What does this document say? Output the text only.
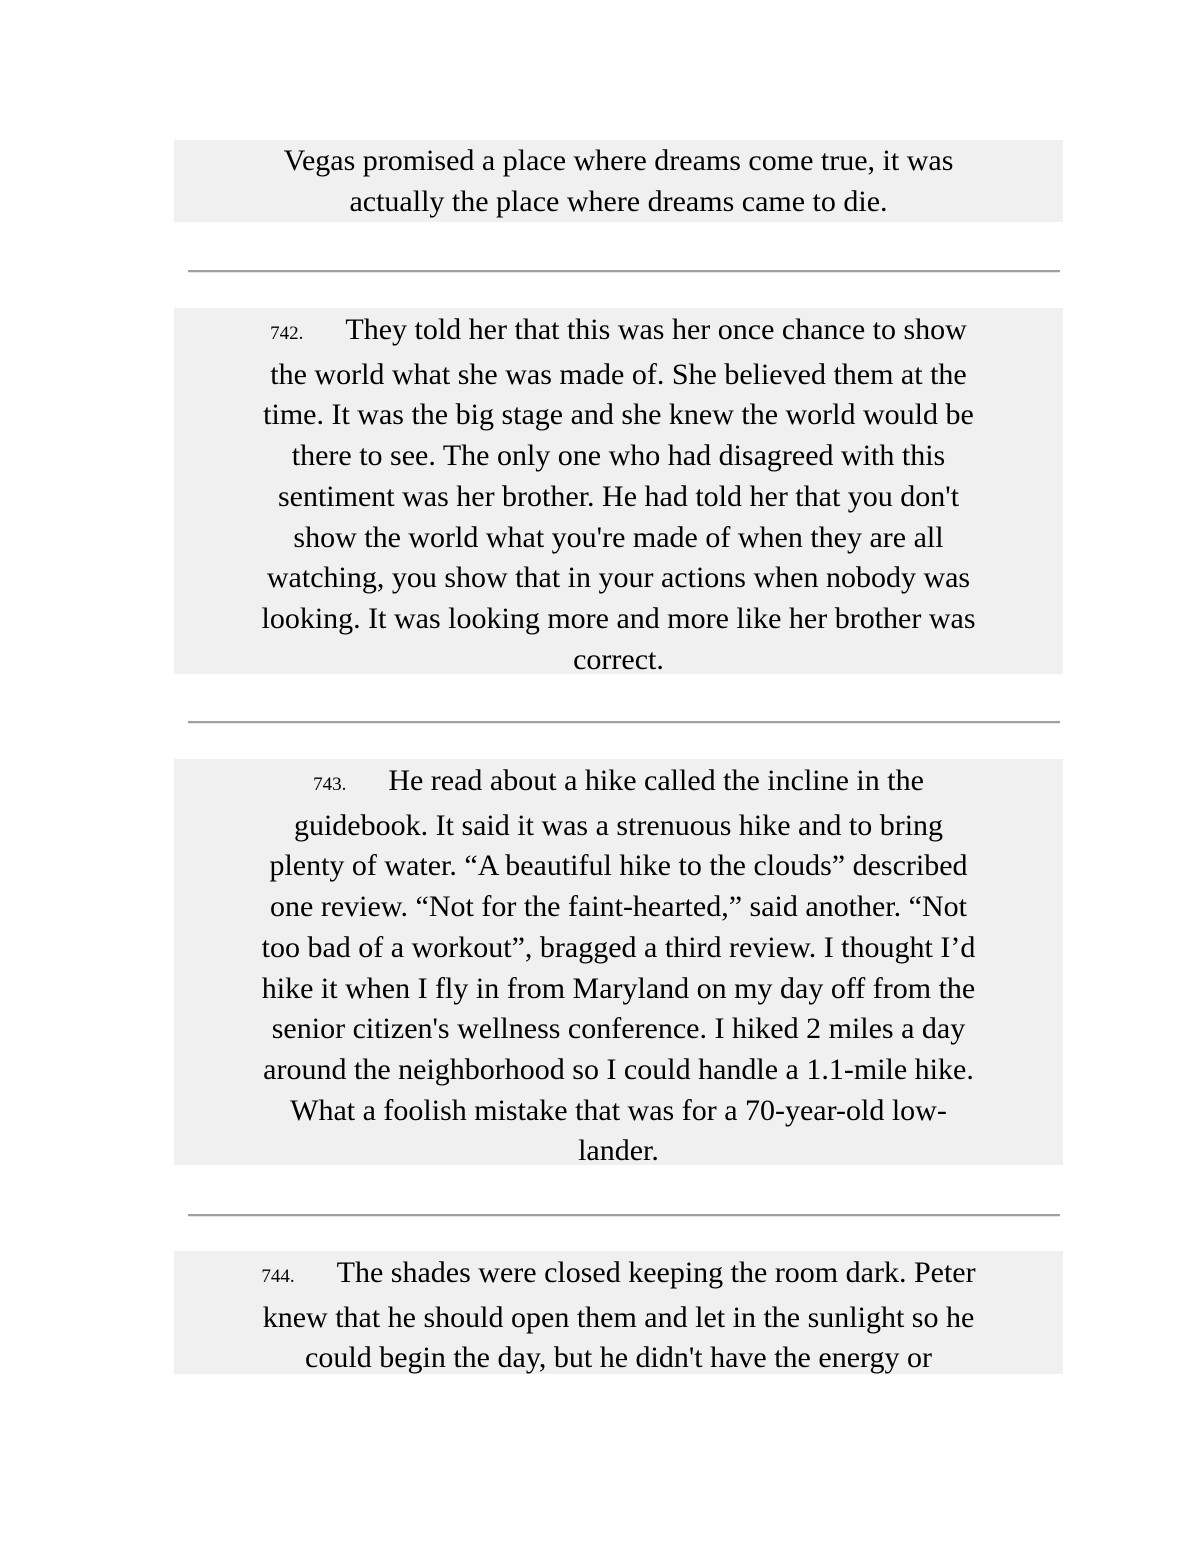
Vegas promised a place where dreams come true, it was
actually the place where dreams came to die.
742. They told her that this was her once chance to show
the world what she was made of. She believed them at the
time. It was the big stage and she knew the world would be
there to see. The only one who had disagreed with this
sentiment was her brother. He had told her that you don't
show the world what you're made of when they are all
watching, you show that in your actions when nobody was
looking. It was looking more and more like her brother was
correct.
743. He read about a hike called the incline in the
guidebook. It said it was a strenuous hike and to bring
plenty of water. “A beautiful hike to the clouds” described
one review. “Not for the faint-hearted,” said another. “Not
too bad of a workout”, bragged a third review. I thought I’d
hike it when I fly in from Maryland on my day off from the
senior citizen's wellness conference. I hiked 2 miles a day
around the neighborhood so I could handle a 1.1-mile hike.
What a foolish mistake that was for a 70-year-old low-
lander.
744. The shades were closed keeping the room dark. Peter
knew that he should open them and let in the sunlight so he
could begin the day, but he didn't have the energy or
